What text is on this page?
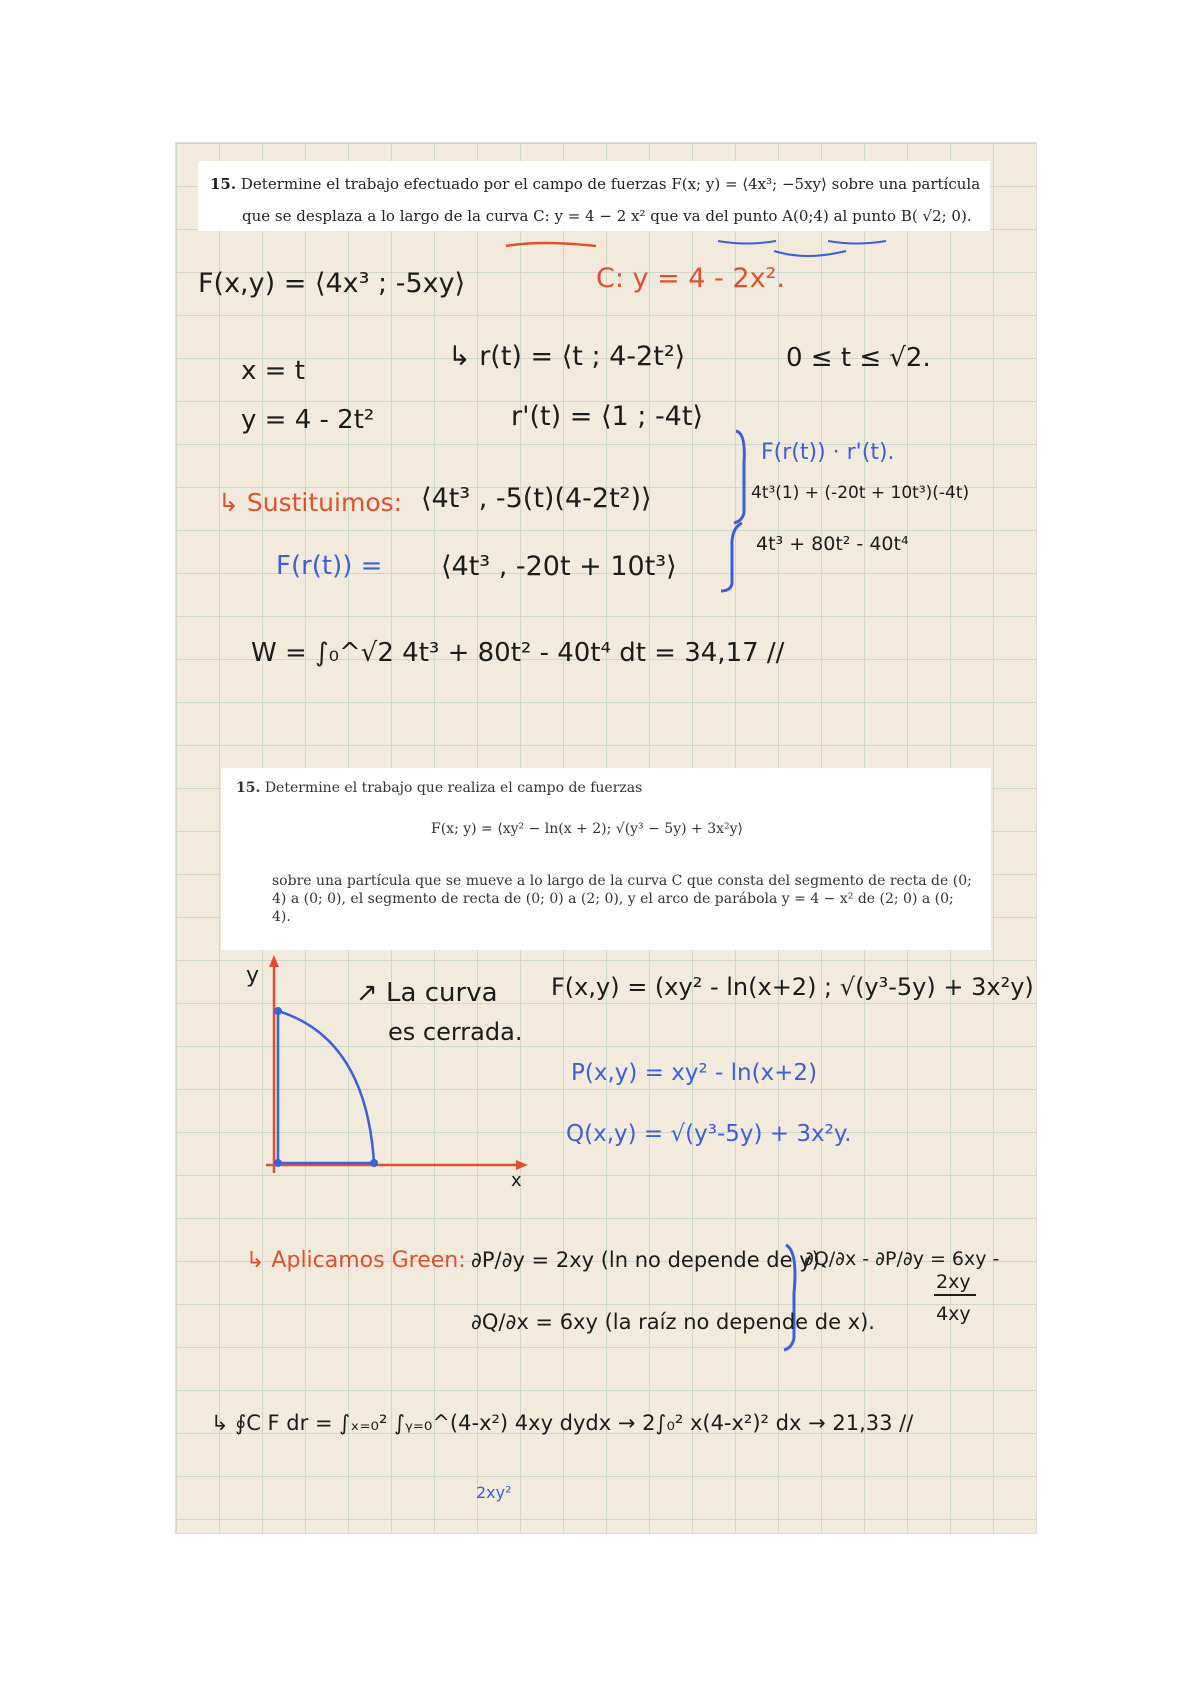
15. Determine el trabajo efectuado por el campo de fuerzas F(x; y) = ⟨4x³; −5xy⟩ sobre una partícula
que se desplaza a lo largo de la curva C: y = 4 − 2 x² que va del punto A(0;4) al punto B( √2; 0).
F(x,y) = ⟨4x³ ; -5xy⟩	C: y = 4 - 2x².
x = t	↳ r(t) = ⟨t ; 4-2t²⟩	0 ≤ t ≤ √2.
y = 4 - 2t²	r'(t) = ⟨1 ; -4t⟩
↳ Sustituimos: ⟨4t³ , -5(t)(4-2t²)⟩
F(r(t)) = ⟨4t³ , -20t + 10t³⟩
F(r(t)) · r'(t).
4t³(1) + (-20t + 10t³)(-4t)
4t³ + 80t² - 40t⁴
W = ∫₀^√2 4t³ + 80t² - 40t⁴ dt = 34,17 //
15. Determine el trabajo que realiza el campo de fuerzas
F(x; y) = ⟨xy² − ln(x + 2); √(y³ − 5y) + 3x²y⟩
sobre una partícula que se mueve a lo largo de la curva C que consta del segmento de recta de (0; 4) a (0; 0), el segmento de recta de (0; 0) a (2; 0), y el arco de parábola y = 4 − x² de (2; 0) a (0; 4).
y
x
↗ La curva
es cerrada.
F(x,y) = (xy² - ln(x+2) ; √(y³-5y) + 3x²y)
P(x,y) = xy² - ln(x+2)
Q(x,y) = √(y³-5y) + 3x²y.
↳ Aplicamos Green: ∂P/∂y = 2xy (ln no depende de y).
∂Q/∂x = 6xy (la raíz no depende de x).
∂Q/∂x - ∂P/∂y = 6xy -
2xy
4xy
↳ ∮C F dr = ∫ₓ₌₀² ∫ᵧ₌₀^(4-x²) 4xy dydx → 2∫₀² x(4-x²)² dx → 21,33 //
2xy²
